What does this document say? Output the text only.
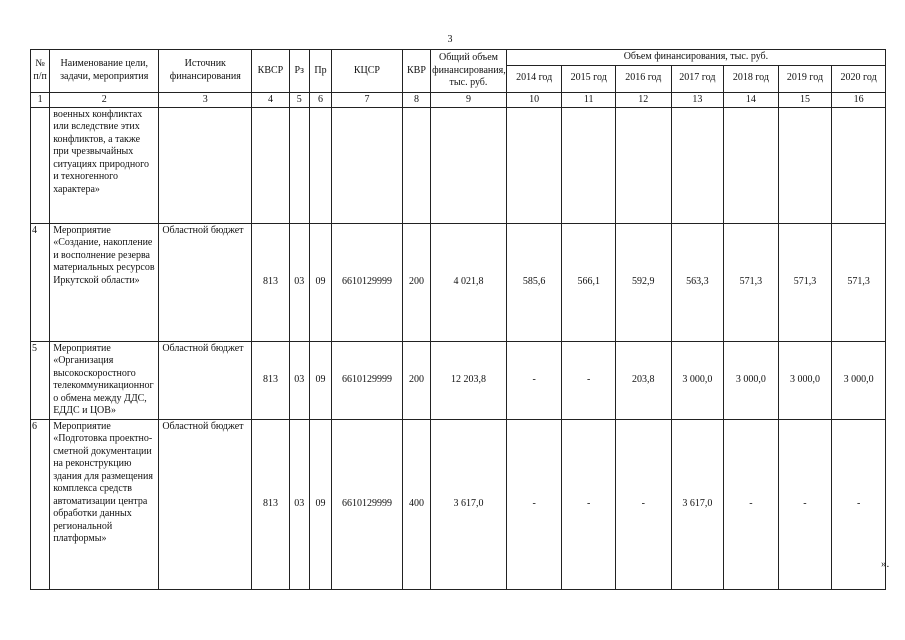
3
№ п/п	Наименование цели, задачи, мероприятия	Источник финансирования	КВСР	Рз	Пр	КЦСР	КВР	Общий объем финансирования, тыс. руб.	Объем финансирования, тыс. руб.						
									2014 год	2015 год	2016 год	2017 год	2018 год	2019 год	2020 год
1	2	3	4	5	6	7	8	9	10	11	12	13	14	15	16
	военных конфликтах или вследствие этих конфликтов, а также при чрезвычайных ситуациях природного и техногенного характера»														
4	Мероприятие «Создание, накопление и восполнение резерва материальных ресурсов Иркутской области»	Областной бюджет	813	03	09	6610129999	200	4 021,8	585,6	566,1	592,9	563,3	571,3	571,3	571,3
5	Мероприятие «Организация высокоскоростного телекоммуникационного обмена между ДДС, ЕДДС и ЦОВ»	Областной бюджет	813	03	09	6610129999	200	12 203,8	-	-	203,8	3 000,0	3 000,0	3 000,0	3 000,0
6	Мероприятие «Подготовка проектно-сметной документации на реконструкцию здания для размещения комплекса средств автоматизации центра обработки данных региональной платформы»	Областной бюджет	813	03	09	6610129999	400	3 617,0	-	-	-	3 617,0	-	-	-
».
